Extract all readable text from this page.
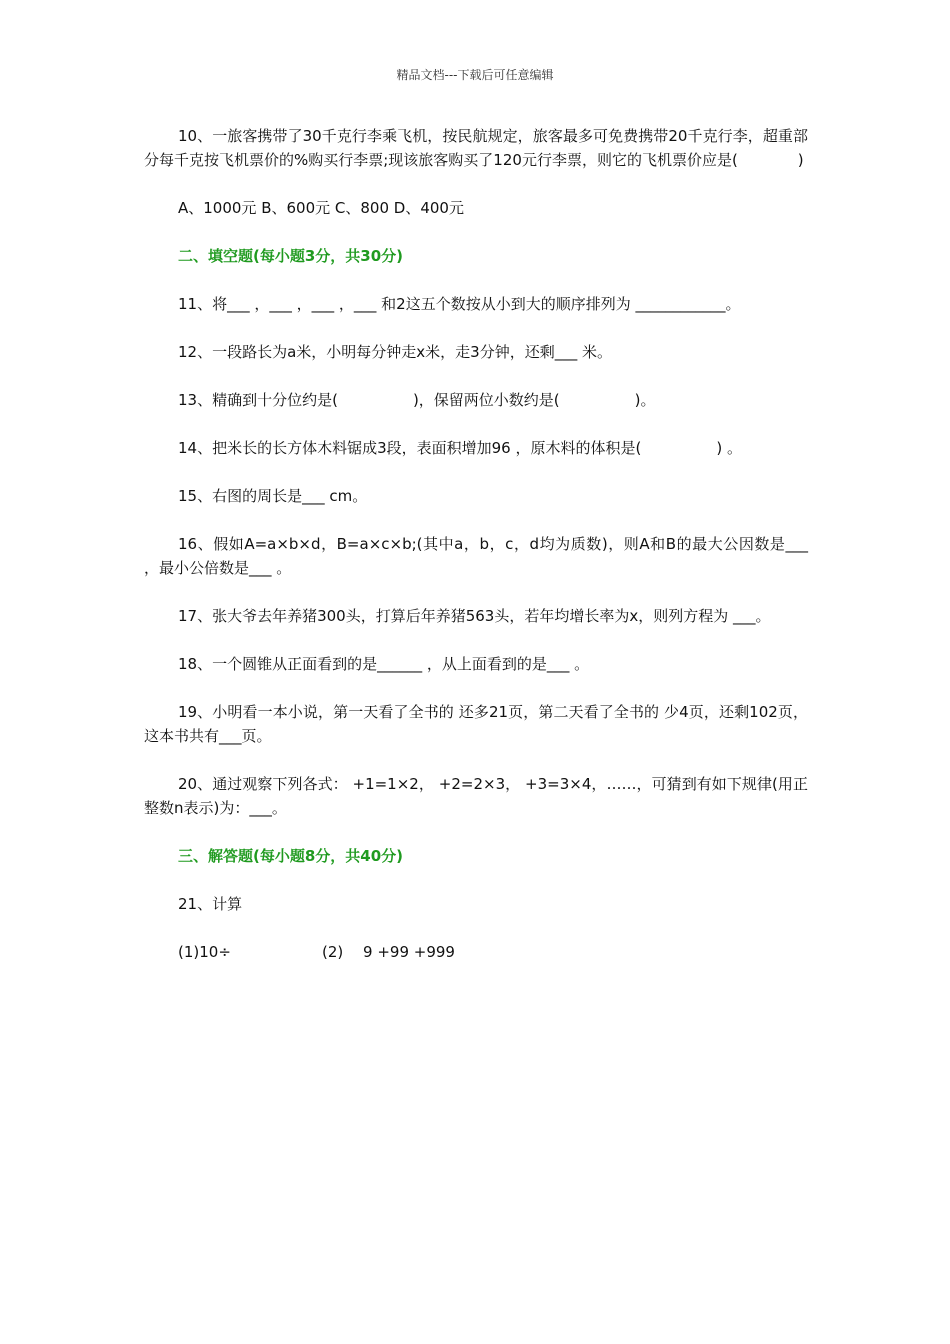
精品文档---下载后可任意编辑

10、一旅客携带了30千克行李乘飞机，按民航规定，旅客最多可免费携带20千克行李，超重部分每千克按飞机票价的%购买行李票;现该旅客购买了120元行李票，则它的飞机票价应是(　　　　)

A、1000元 B、600元 C、800 D、400元

二、填空题(每小题3分，共30分)

11、将___ ，___ ，___ ，___ 和2这五个数按从小到大的顺序排列为 ____________。

12、一段路长为a米，小明每分钟走x米，走3分钟，还剩___ 米。

13、精确到十分位约是(　　　　　)，保留两位小数约是(　　　　　)。

14、把米长的长方体木料锯成3段，表面积增加96 ，原木料的体积是(　　　　　) 。

15、右图的周长是___ cm。

16、假如A=a×b×d，B=a×c×b;(其中a，b，c，d均为质数)，则A和B的最大公因数是___ ，最小公倍数是___ 。

17、张大爷去年养猪300头，打算后年养猪563头，若年均增长率为x，则列方程为 ___。

18、一个圆锥从正面看到的是______ ，从上面看到的是___ 。

19、小明看一本小说，第一天看了全书的 还多21页，第二天看了全书的 少4页，还剩102页，这本书共有___页。

20、通过观察下列各式： +1=1×2， +2=2×3， +3=3×4，……，可猜到有如下规律(用正整数n表示)为：___。

三、解答题(每小题8分，共40分)

21、计算

(1)10÷	(2)　 9 +99 +999
